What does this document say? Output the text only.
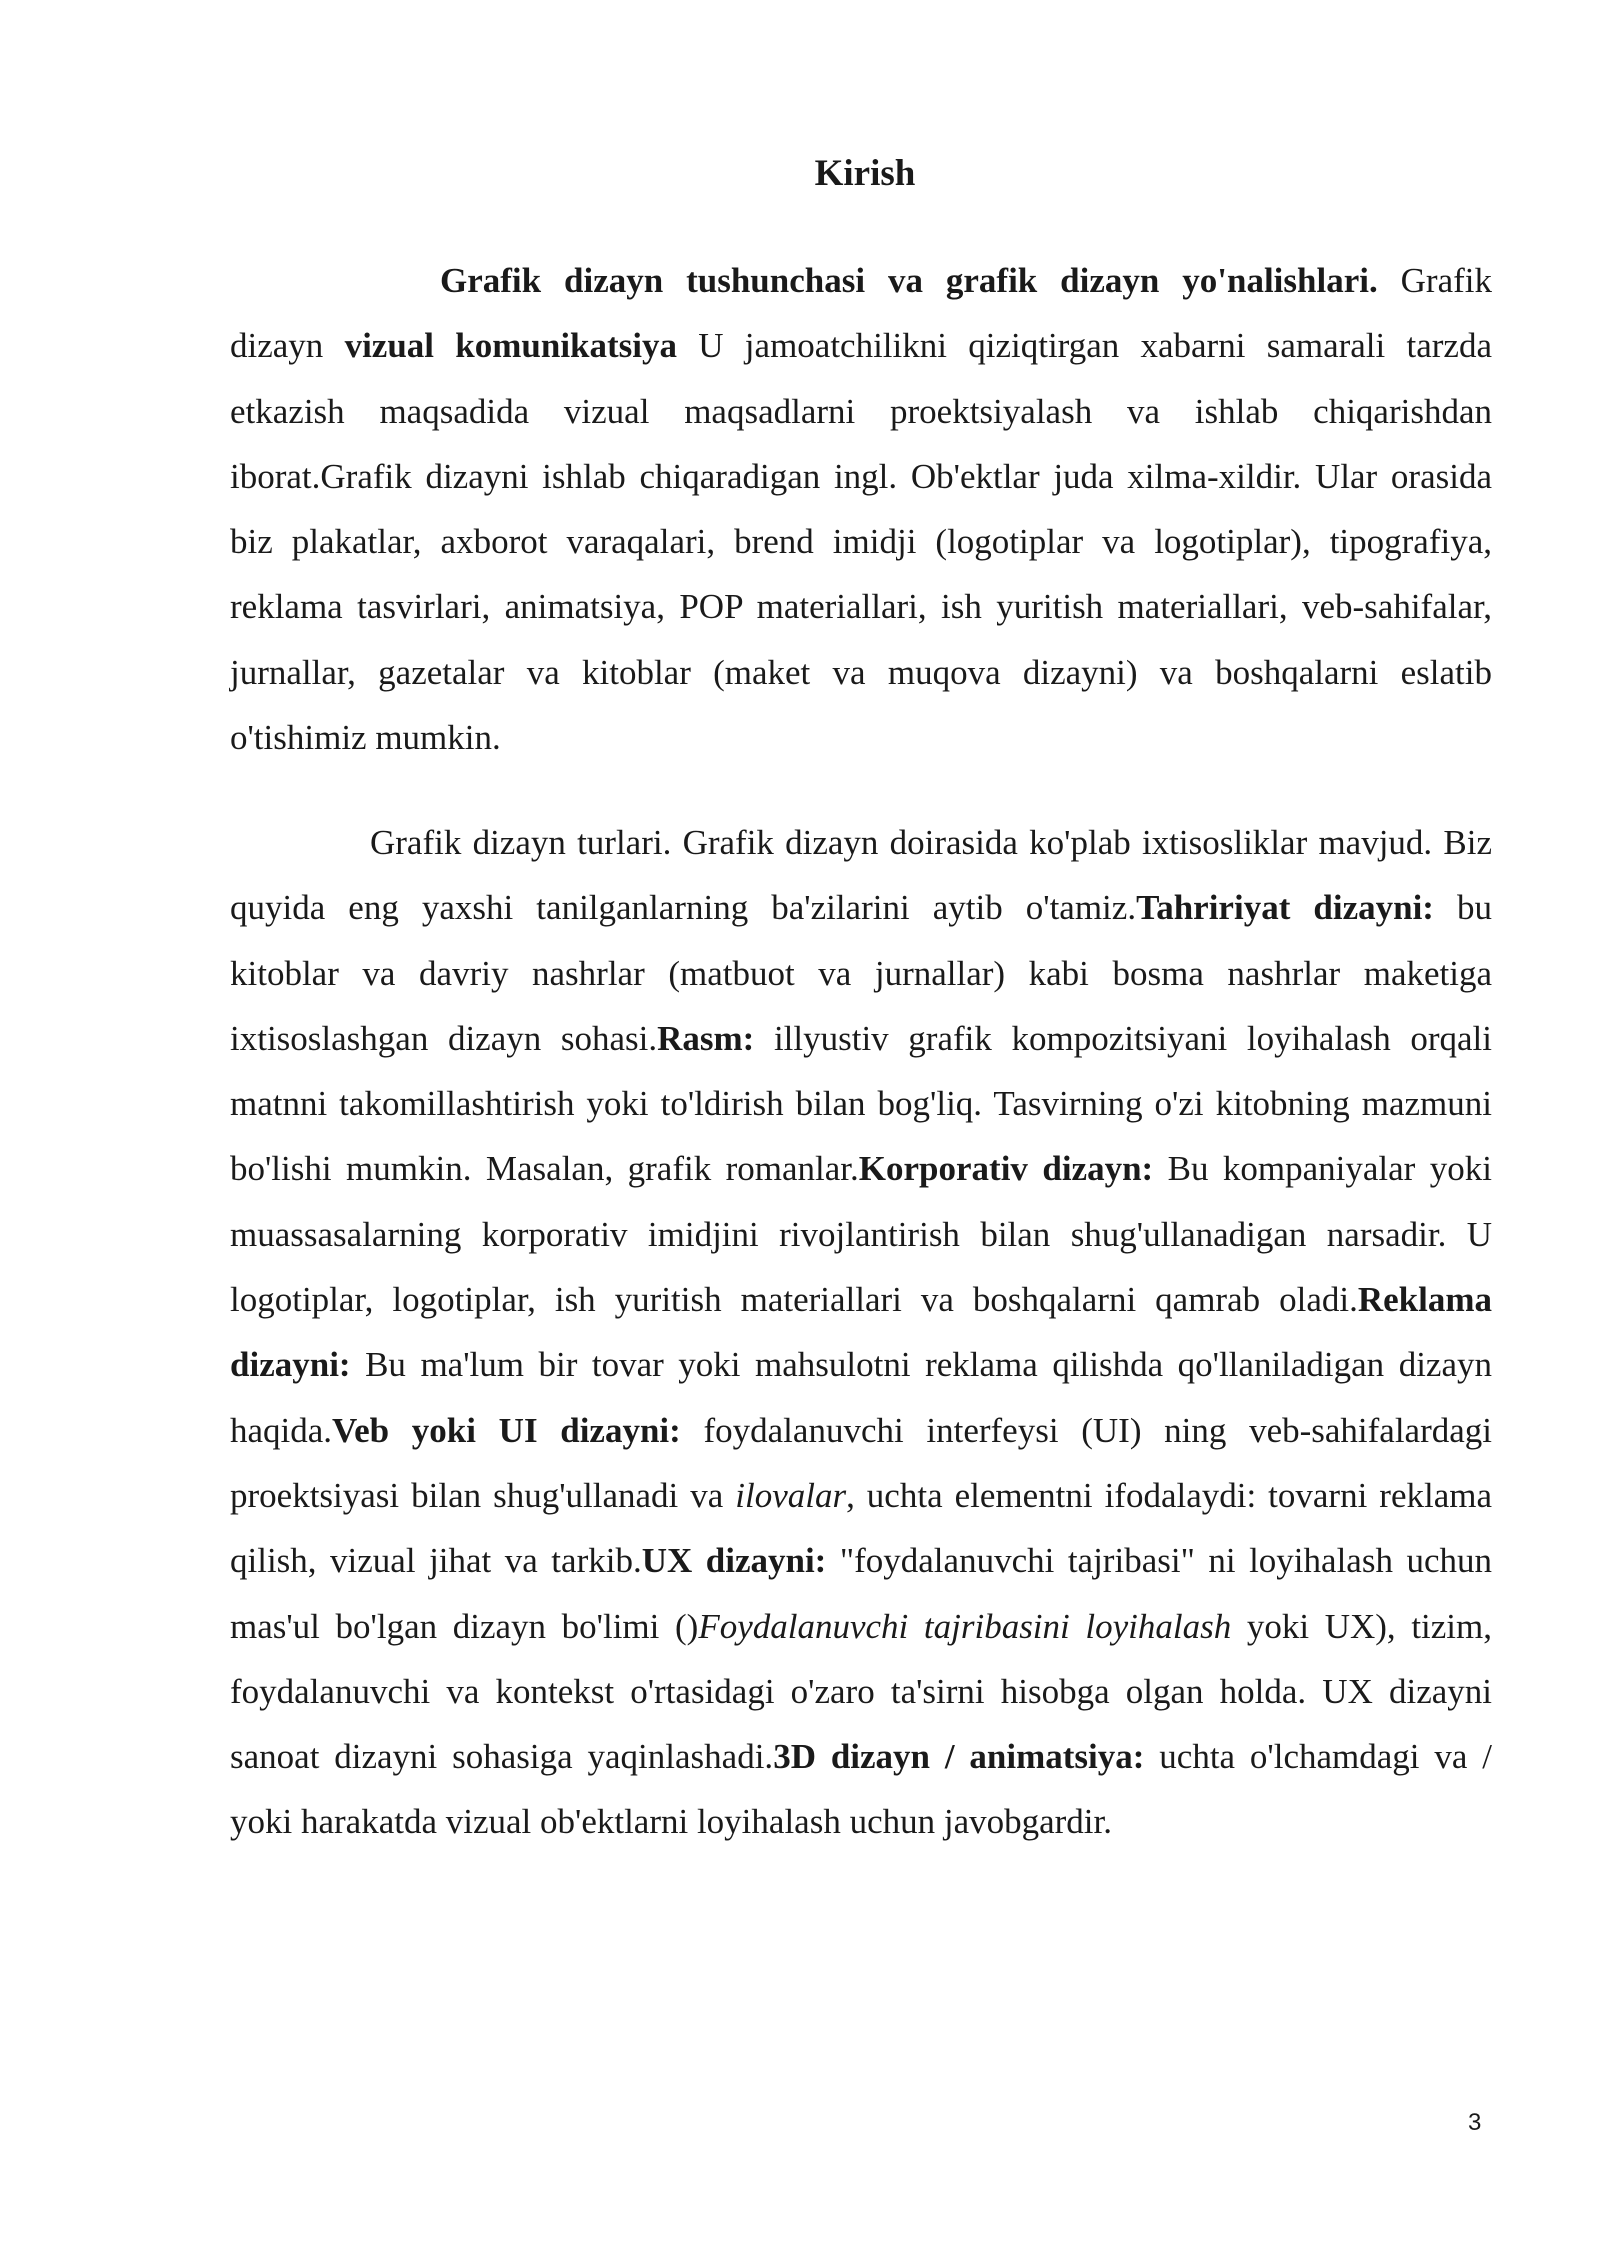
Kirish

Grafik dizayn tushunchasi va grafik dizayn yo'nalishlari. Grafik dizayn vizual komunikatsiya U jamoatchilikni qiziqtirgan xabarni samarali tarzda etkazish maqsadida vizual maqsadlarni proektsiyalash va ishlab chiqarishdan iborat.Grafik dizayni ishlab chiqaradigan ingl. Ob'ektlar juda xilma-xildir. Ular orasida biz plakatlar, axborot varaqalari, brend imidji (logotiplar va logotiplar), tipografiya, reklama tasvirlari, animatsiya, POP materiallari, ish yuritish materiallari, veb-sahifalar, jurnallar, gazetalar va kitoblar (maket va muqova dizayni) va boshqalarni eslatib o'tishimiz mumkin.

Grafik dizayn turlari. Grafik dizayn doirasida ko'plab ixtisosliklar mavjud. Biz quyida eng yaxshi tanilganlarning ba'zilarini aytib o'tamiz.Tahririyat dizayni: bu kitoblar va davriy nashrlar (matbuot va jurnallar) kabi bosma nashrlar maketiga ixtisoslashgan dizayn sohasi.Rasm: illyustiv grafik kompozitsiyani loyihalash orqali matnni takomillashtirish yoki to'ldirish bilan bog'liq. Tasvirning o'zi kitobning mazmuni bo'lishi mumkin. Masalan, grafik romanlar.Korporativ dizayn: Bu kompaniyalar yoki muassasalarning korporativ imidjini rivojlantirish bilan shug'ullanadigan narsadir. U logotiplar, logotiplar, ish yuritish materiallari va boshqalarni qamrab oladi.Reklama dizayni: Bu ma'lum bir tovar yoki mahsulotni reklama qilishda qo'llaniladigan dizayn haqida.Veb yoki UI dizayni: foydalanuvchi interfeysi (UI) ning veb-sahifalardagi proektsiyasi bilan shug'ullanadi va ilovalar, uchta elementni ifodalaydi: tovarni reklama qilish, vizual jihat va tarkib.UX dizayni: "foydalanuvchi tajribasi" ni loyihalash uchun mas'ul bo'lgan dizayn bo'limi ()Foydalanuvchi tajribasini loyihalash yoki UX), tizim, foydalanuvchi va kontekst o'rtasidagi o'zaro ta'sirni hisobga olgan holda. UX dizayni sanoat dizayni sohasiga yaqinlashadi.3D dizayn / animatsiya: uchta o'lchamdagi va / yoki harakatda vizual ob'ektlarni loyihalash uchun javobgardir.

3
